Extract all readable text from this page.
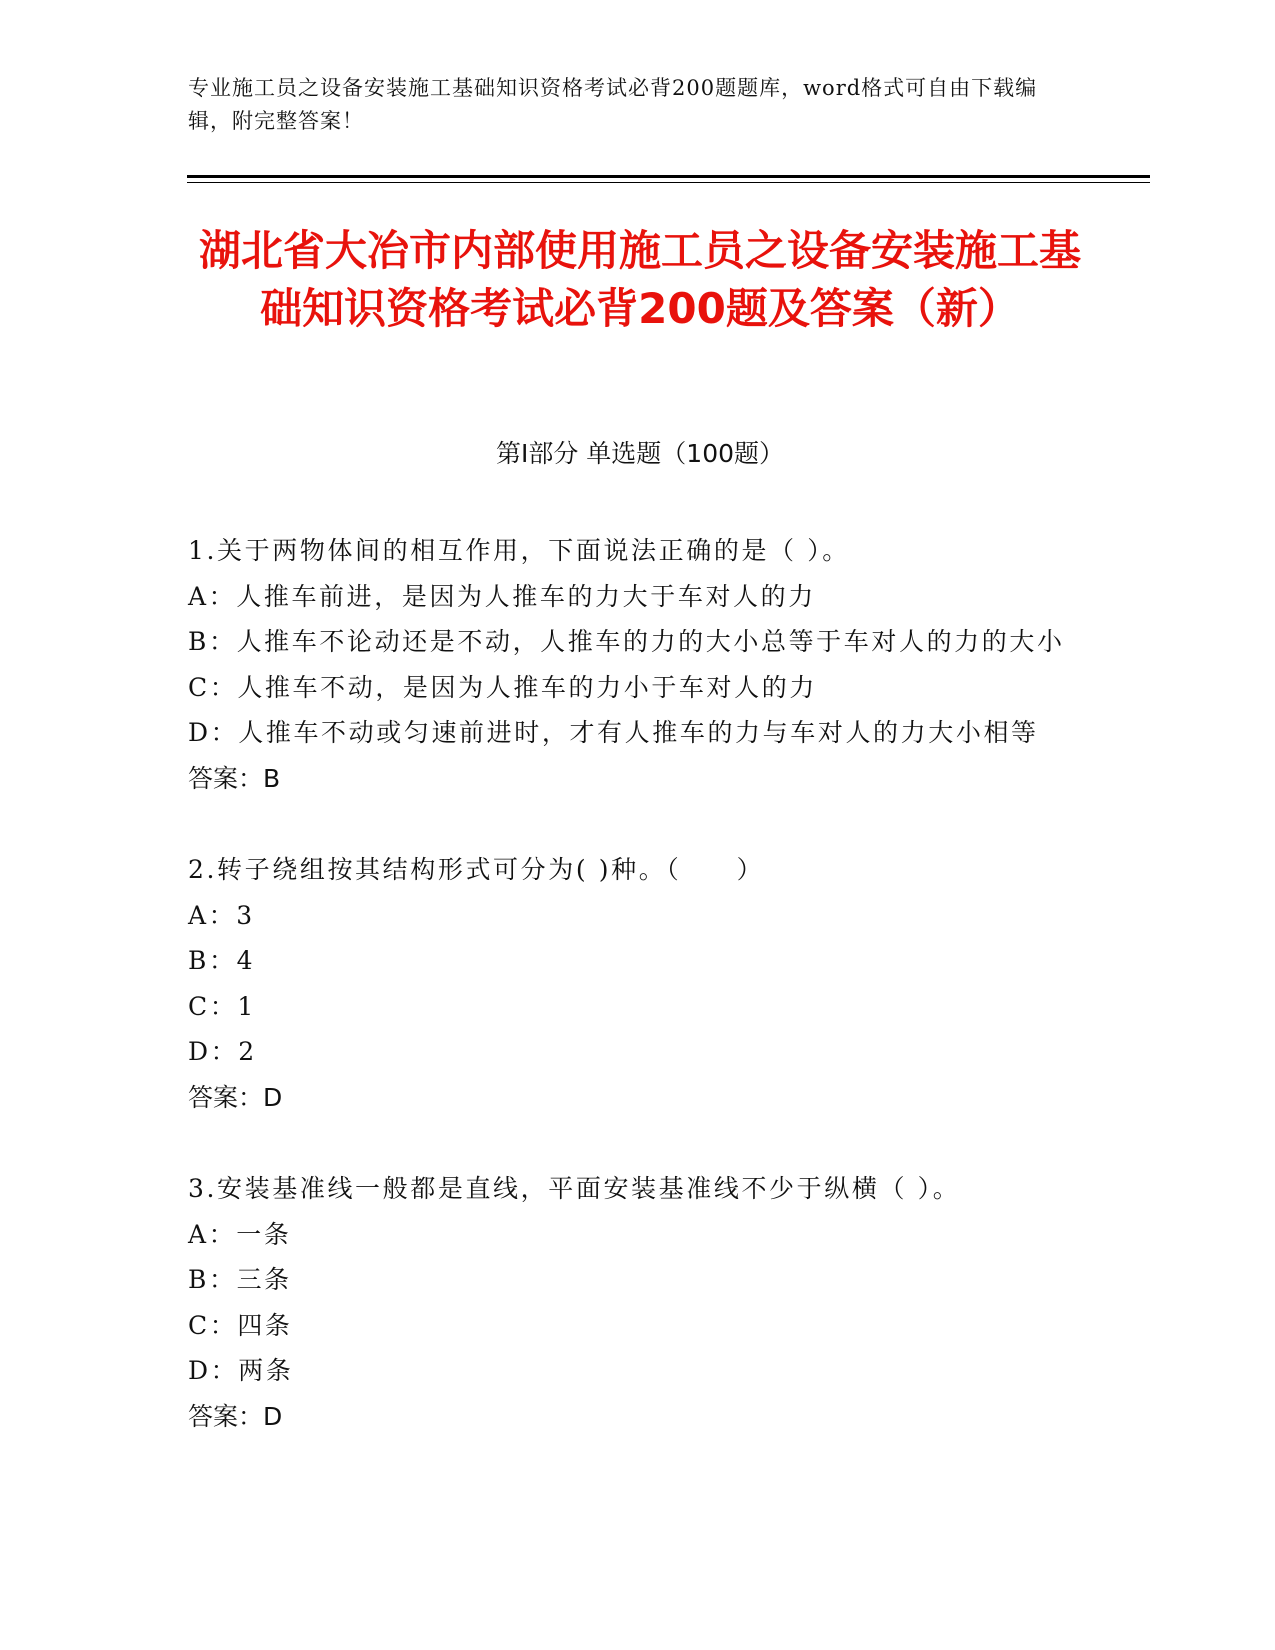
专业施工员之设备安装施工基础知识资格考试必背200题题库，word格式可自由下载编辑，附完整答案！
湖北省大冶市内部使用施工员之设备安装施工基础知识资格考试必背200题及答案（新）
第I部分 单选题（100题）
1.关于两物体间的相互作用，下面说法正确的是（ ）。
A：人推车前进，是因为人推车的力大于车对人的力
B：人推车不论动还是不动，人推车的力的大小总等于车对人的力的大小
C：人推车不动，是因为人推车的力小于车对人的力
D：人推车不动或匀速前进时，才有人推车的力与车对人的力大小相等
答案：B
2.转子绕组按其结构形式可分为( )种。（　　）
A：3
B：4
C：1
D：2
答案：D
3.安装基准线一般都是直线，平面安装基准线不少于纵横（ ）。
A：一条
B：三条
C：四条
D：两条
答案：D
